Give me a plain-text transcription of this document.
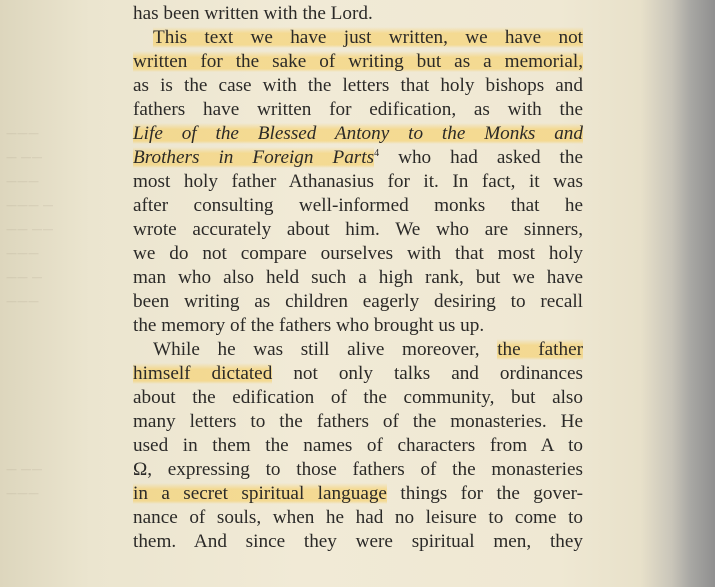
———
— ——
———
——— —
—— ——
———
—— —
———
— ——
———
has been written with the Lord.
This text we have just written, we have not
written for the sake of writing but as a memorial,
as is the case with the letters that holy bishops and
fathers have written for edification, as with the
Life of the Blessed Antony to the Monks and
Brothers in Foreign Parts$^4$ who had asked the
most holy father Athanasius for it. In fact, it was
after consulting well-informed monks that he
wrote accurately about him. We who are sinners,
we do not compare ourselves with that most holy
man who also held such a high rank, but we have
been writing as children eagerly desiring to recall
the memory of the fathers who brought us up.
While he was still alive moreover, the father
himself dictated not only talks and ordinances
about the edification of the community, but also
many letters to the fathers of the monasteries. He
used in them the names of characters from A to
Ω, expressing to those fathers of the monasteries
in a secret spiritual language things for the gover-
nance of souls, when he had no leisure to come to
them. And since they were spiritual men, they
